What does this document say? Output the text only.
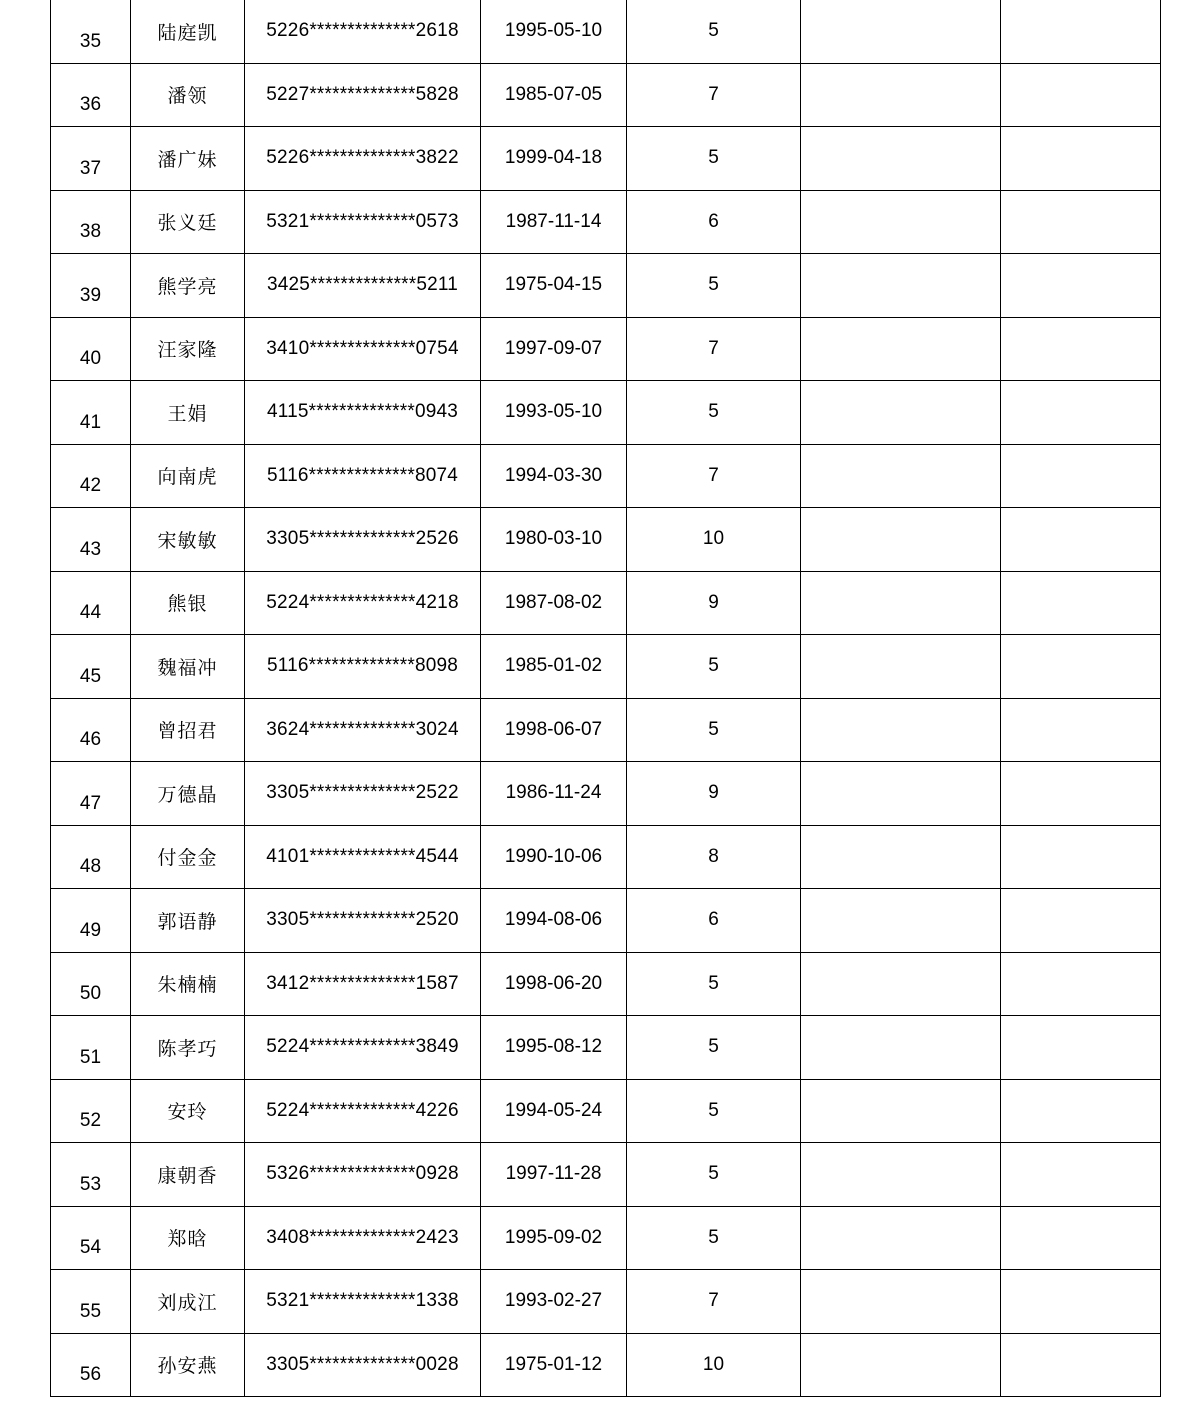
35	陆庭凯	5226**************2618	1995-05-10	5		
36	潘领	5227**************5828	1985-07-05	7		
37	潘广妹	5226**************3822	1999-04-18	5		
38	张义廷	5321**************0573	1987-11-14	6		
39	熊学亮	3425**************5211	1975-04-15	5		
40	汪家隆	3410**************0754	1997-09-07	7		
41	王娟	4115**************0943	1993-05-10	5		
42	向南虎	5116**************8074	1994-03-30	7		
43	宋敏敏	3305**************2526	1980-03-10	10		
44	熊银	5224**************4218	1987-08-02	9		
45	魏福冲	5116**************8098	1985-01-02	5		
46	曾招君	3624**************3024	1998-06-07	5		
47	万德晶	3305**************2522	1986-11-24	9		
48	付金金	4101**************4544	1990-10-06	8		
49	郭语静	3305**************2520	1994-08-06	6		
50	朱楠楠	3412**************1587	1998-06-20	5		
51	陈孝巧	5224**************3849	1995-08-12	5		
52	安玲	5224**************4226	1994-05-24	5		
53	康朝香	5326**************0928	1997-11-28	5		
54	郑晗	3408**************2423	1995-09-02	5		
55	刘成江	5321**************1338	1993-02-27	7		
56	孙安燕	3305**************0028	1975-01-12	10		
